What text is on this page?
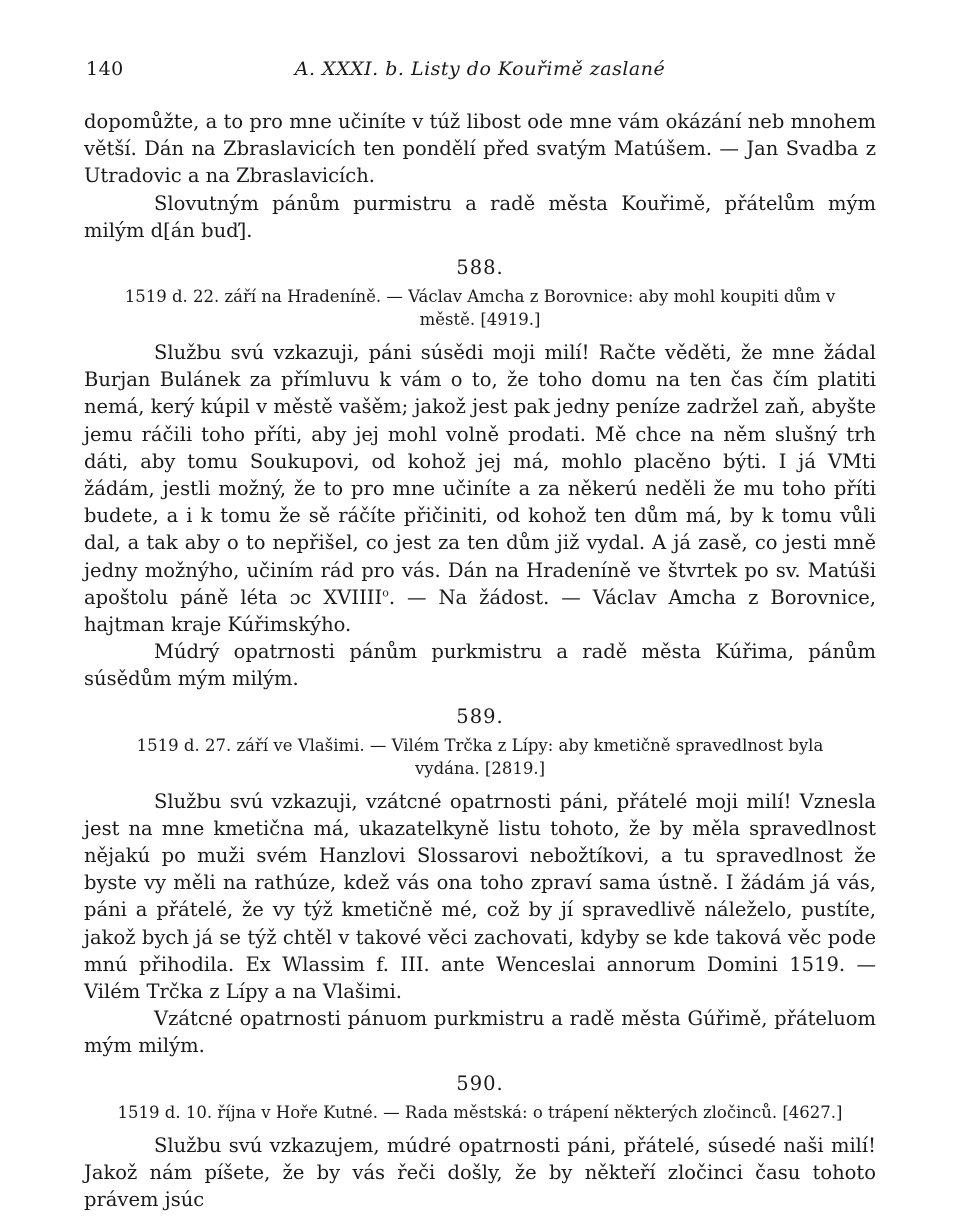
140	A. XXXI. b. Listy do Kouřimě zaslané

dopomůžte, a to pro mne učiníte v túž libost ode mne vám okázání neb mnohem větší. Dán na Zbraslavicích ten pondělí před svatým Matúšem. — Jan Svadba z Utradovic a na Zbraslavicích.

Slovutným pánům purmistru a radě města Kouřimě, přátelům mým milým d[án buď].

588.
1519 d. 22. září na Hradeníně. — Václav Amcha z Borovnice: aby mohl koupiti dům v městě. [4919.]

Službu svú vzkazuji, páni súsědi moji milí! Račte věděti, že mne žádal Burjan Bulánek za přímluvu k vám o to, že toho domu na ten čas čím platiti nemá, kerý kúpil v městě vašěm; jakož jest pak jedny peníze zadržel zaň, abyšte jemu ráčili toho příti, aby jej mohl volně prodati. Mě chce na něm slušný trh dáti, aby tomu Soukupovi, od kohož jej má, mohlo placěno býti. I já VMti žádám, jestli možný, že to pro mne učiníte a za někerú neděli že mu toho příti budete, a i k tomu že sě ráčíte přičiniti, od kohož ten dům má, by k tomu vůli dal, a tak aby o to nepřišel, co jest za ten dům již vydal. A já zasě, co jesti mně jedny možnýho, učiním rád pro vás. Dán na Hradeníně ve štvrtek po sv. Matúši apoštolu páně léta ɔc XVIIII$^o$. — Na žádost. — Václav Amcha z Borovnice, hajtman kraje Kúřimskýho.

Múdrý opatrnosti pánům purkmistru a radě města Kúřima, pánům súsědům mým milým.

589.
1519 d. 27. září ve Vlašimi. — Vilém Trčka z Lípy: aby kmetičně spravedlnost byla vydána. [2819.]

Službu svú vzkazuji, vzátcné opatrnosti páni, přátelé moji milí! Vznesla jest na mne kmetična má, ukazatelkyně listu tohoto, že by měla spravedlnost nějakú po muži svém Hanzlovi Slossarovi nebožtíkovi, a tu spravedlnost že byste vy měli na rathúze, kdež vás ona toho zpraví sama ústně. I žádám já vás, páni a přátelé, že vy týž kmetičně mé, což by jí spravedlivě náleželo, pustíte, jakož bych já se týž chtěl v takové věci zachovati, kdyby se kde taková věc pode mnú přihodila. Ex Wlassim f. III. ante Wenceslai annorum Domini 1519. — Vilém Trčka z Lípy a na Vlašimi.

Vzátcné opatrnosti pánuom purkmistru a radě města Gúřimě, přáteluom mým milým.

590.
1519 d. 10. října v Hoře Kutné. — Rada městská: o trápení některých zločinců. [4627.]

Službu svú vzkazujem, múdré opatrnosti páni, přátelé, súsedé naši milí! Jakož nám píšete, že by vás řeči došly, že by někteří zločinci času tohoto právem jsúc
